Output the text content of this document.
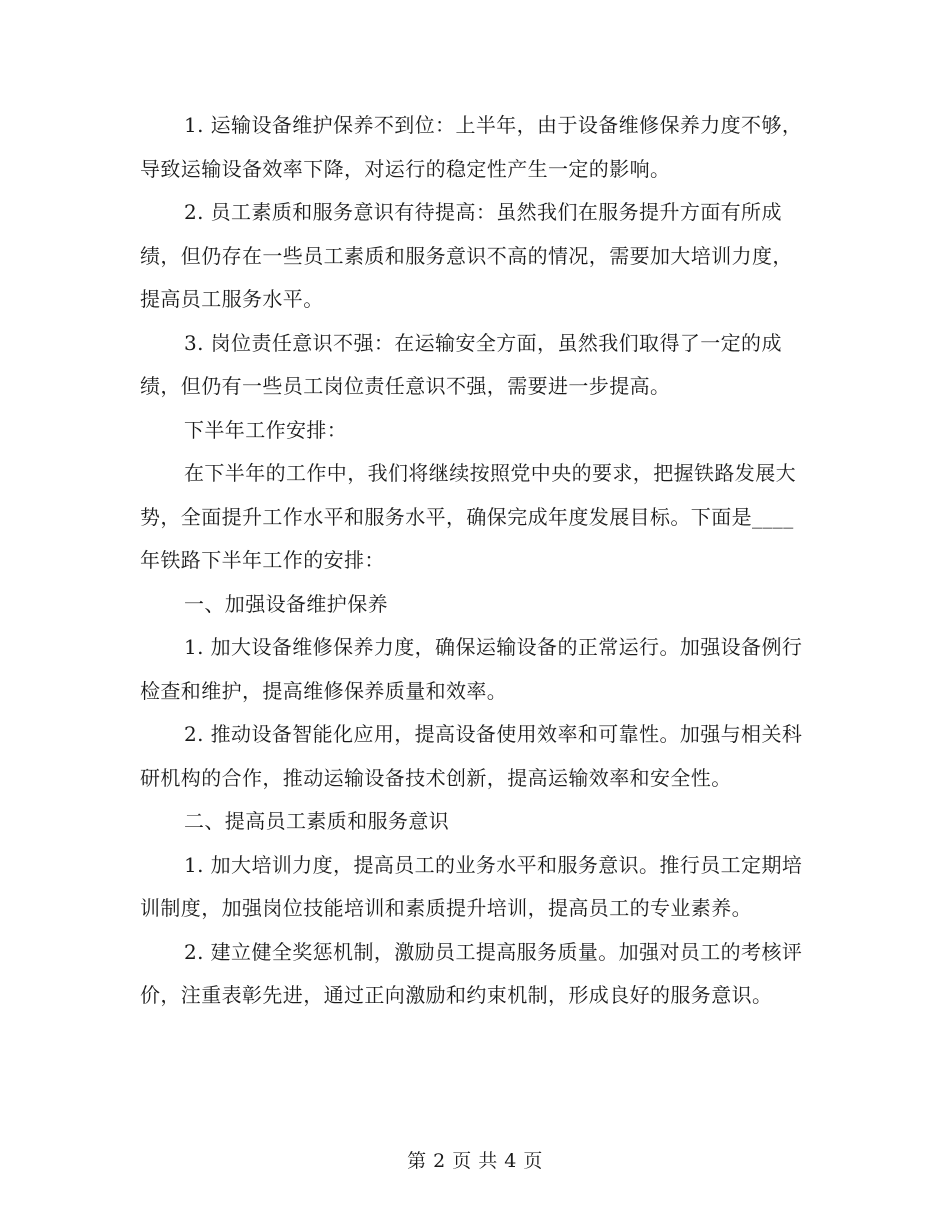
1. 运输设备维护保养不到位：上半年，由于设备维修保养力度不够，导致运输设备效率下降，对运行的稳定性产生一定的影响。

2. 员工素质和服务意识有待提高：虽然我们在服务提升方面有所成绩，但仍存在一些员工素质和服务意识不高的情况，需要加大培训力度，提高员工服务水平。

3. 岗位责任意识不强：在运输安全方面，虽然我们取得了一定的成绩，但仍有一些员工岗位责任意识不强，需要进一步提高。

下半年工作安排：

在下半年的工作中，我们将继续按照党中央的要求，把握铁路发展大势，全面提升工作水平和服务水平，确保完成年度发展目标。下面是____年铁路下半年工作的安排：

一、加强设备维护保养

1. 加大设备维修保养力度，确保运输设备的正常运行。加强设备例行检查和维护，提高维修保养质量和效率。

2. 推动设备智能化应用，提高设备使用效率和可靠性。加强与相关科研机构的合作，推动运输设备技术创新，提高运输效率和安全性。

二、提高员工素质和服务意识

1. 加大培训力度，提高员工的业务水平和服务意识。推行员工定期培训制度，加强岗位技能培训和素质提升培训，提高员工的专业素养。

2. 建立健全奖惩机制，激励员工提高服务质量。加强对员工的考核评价，注重表彰先进，通过正向激励和约束机制，形成良好的服务意识。

第 2 页 共 4 页
